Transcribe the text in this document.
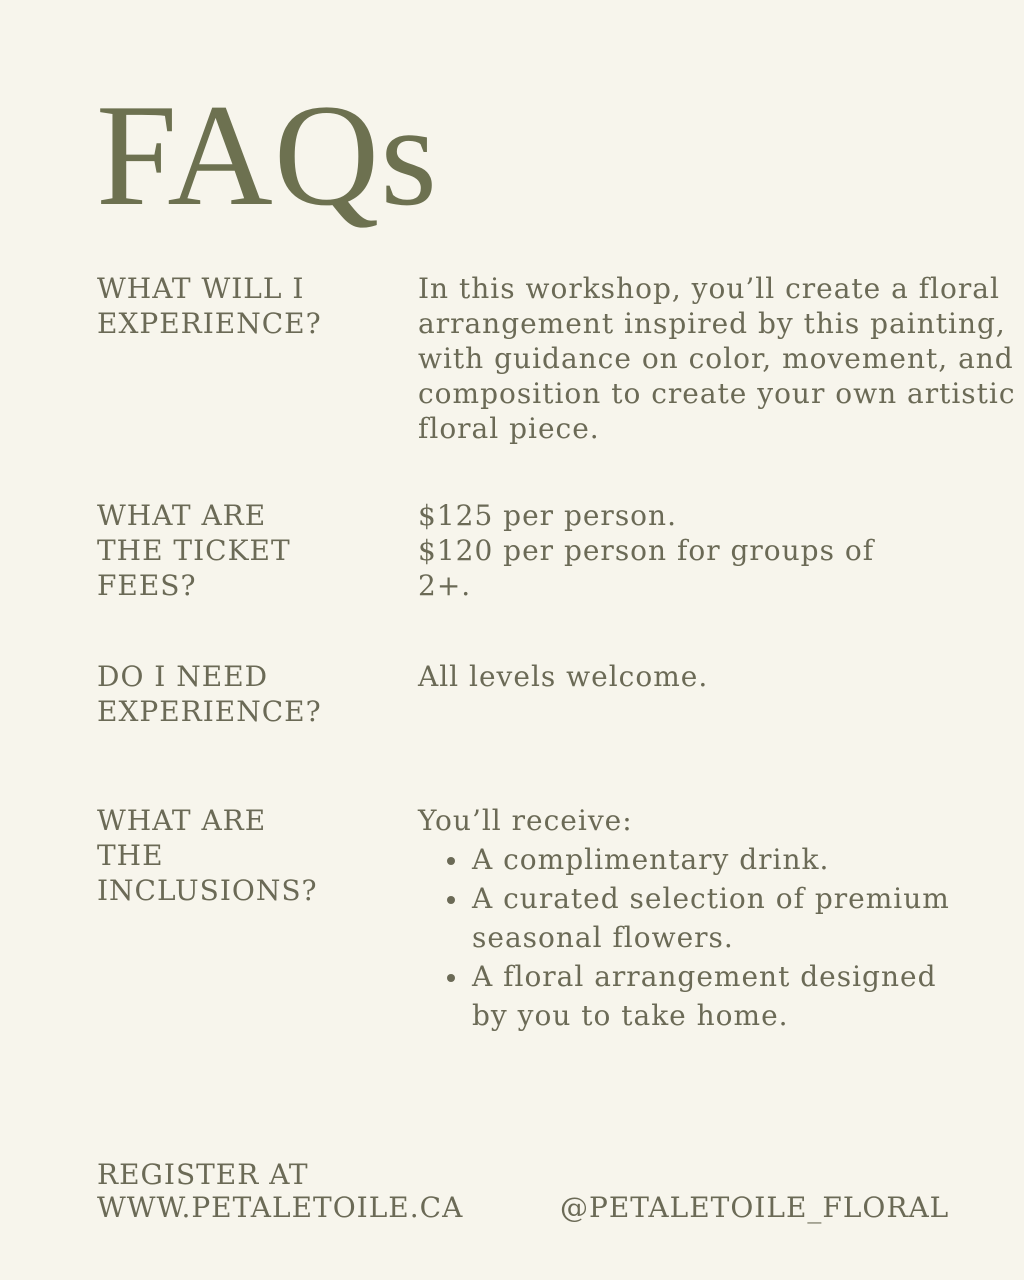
FAQs
WHAT WILL I
EXPERIENCE?

In this workshop, you’ll create a floral arrangement inspired by this painting, with guidance on color, movement, and composition to create your own artistic floral piece.

WHAT ARE
THE TICKET
FEES?

$125 per person.

$120 per person for groups of 2+.

DO I NEED
EXPERIENCE?

All levels welcome.

WHAT ARE
THE
INCLUSIONS?

You’ll receive:

A complimentary drink.
A curated selection of premium seasonal flowers.
A floral arrangement designed by you to take home.
REGISTER AT
WWW.PETALETOILE.CA	@PETALETOILE_FLORAL
